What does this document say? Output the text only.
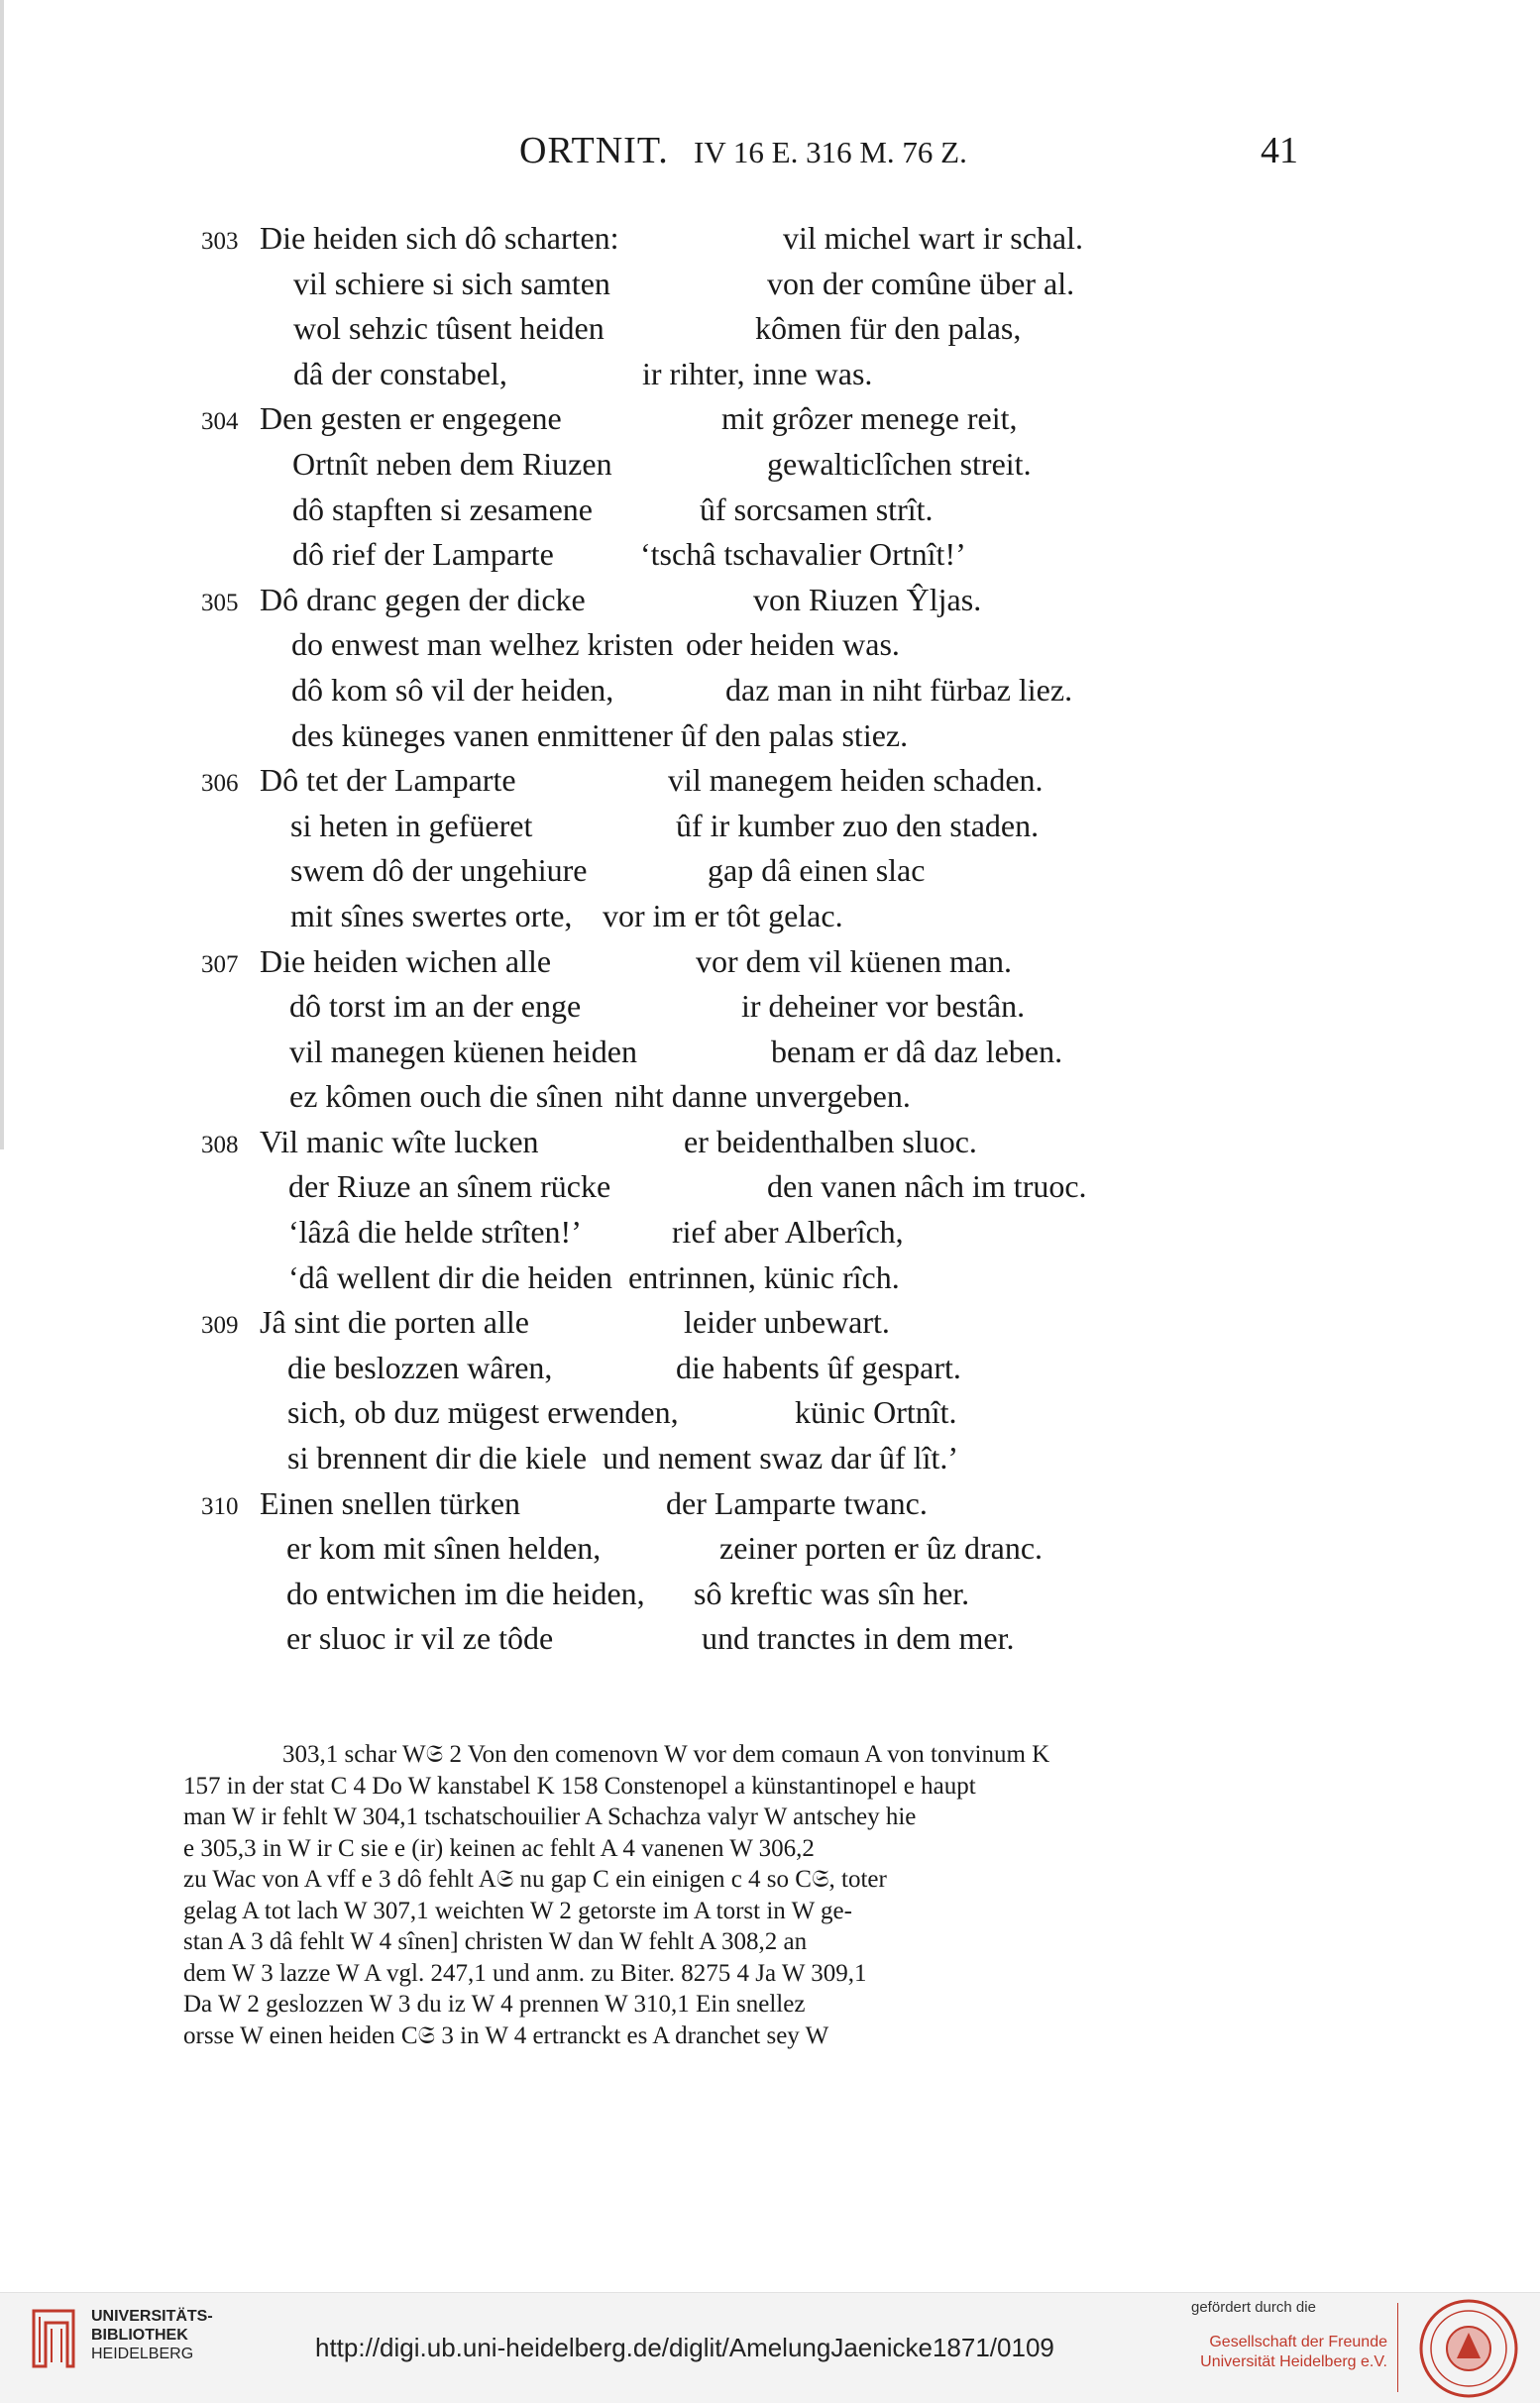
ORTNIT. IV 16 E. 316 M. 76 Z.	41
303 Die heiden sich dô scharten:	vil michel wart ir schal.
vil schiere si sich samten	von der comûne über al.
wol sehzic tûsent heiden	kômen für den palas,
dâ der constabel,	ir rihter, inne was.
304 Den gesten er engegene	mit grôzer menege reit,
Ortnît neben dem Riuzen	gewalticlîchen streit.
dô stapften si zesamene	ûf sorcsamen strît.
dô rief der Lamparte	‘tschâ tschavalier Ortnît!’
305 Dô dranc gegen der dicke	von Riuzen Ŷljas.
do enwest man welhez kristen oder heiden was.
dô kom sô vil der heiden,	daz man in niht fürbaz liez.
des küneges vanen enmitten er ûf den palas stiez.
306 Dô tet der Lamparte	vil manegem heiden schaden.
si heten in gefüeret	ûf ir kumber zuo den staden.
swem dô der ungehiure	gap dâ einen slac
mit sînes swertes orte, vor im er tôt gelac.
307 Die heiden wichen alle	vor dem vil küenen man.
dô torst im an der enge	ir deheiner vor bestân.
vil manegen küenen heiden	benam er dâ daz leben.
ez kômen ouch die sînen niht danne unvergeben.
308 Vil manic wîte lucken	er beidenthalben sluoc.
der Riuze an sînem rücke	den vanen nâch im truoc.
‘lâzâ die helde strîten!’	rief aber Alberîch,
‘dâ wellent dir die heiden entrinnen, künic rîch.
309 Jâ sint die porten alle	leider unbewart.
die beslozzen wâren,	die habents ûf gespart.
sich, ob duz mügest erwenden,	künic Ortnît.
si brennent dir die kiele und nement swaz dar ûf lît.’
310 Einen snellen türken	der Lamparte twanc.
er kom mit sînen helden,	zeiner porten er ûz dranc.
do entwichen im die heiden, sô kreftic was sîn her.
er sluoc ir vil ze tôde	und tranctes in dem mer.
303,1 schar W𝔖 2 Von den comenovn W vor dem comaun A von tonvinum K
157 in der stat C 4 Do W kanstabel K 158 Constenopel a künstantinopel e haupt
man W ir fehlt W 304,1 tschatschouilier A Schachza valyr W antschey hie
e 305,3 in W ir C sie e (ir) keinen ac fehlt A 4 vanenen W 306,2
zu Wac von A vff e 3 dô fehlt A𝔖 nu gap C ein einigen c 4 so C𝔖, toter
gelag A tot lach W 307,1 weichten W 2 getorste im A torst in W ge-
stan A 3 dâ fehlt W 4 sînen] christen W dan W fehlt A 308,2 an
dem W 3 lazze W A vgl. 247,1 und anm. zu Biter. 8275 4 Ja W 309,1
Da W 2 geslozzen W 3 du iz W 4 prennen W 310,1 Ein snellez
orsse W einen heiden C𝔖 3 in W 4 ertranckt es A dranchet sey W
UNIVERSITÄTS-
BIBLIOTHEK
HEIDELBERG	http://digi.ub.uni-heidelberg.de/diglit/AmelungJaenicke1871/0109
gefördert durch die
Gesellschaft der Freunde
Universität Heidelberg e.V.
